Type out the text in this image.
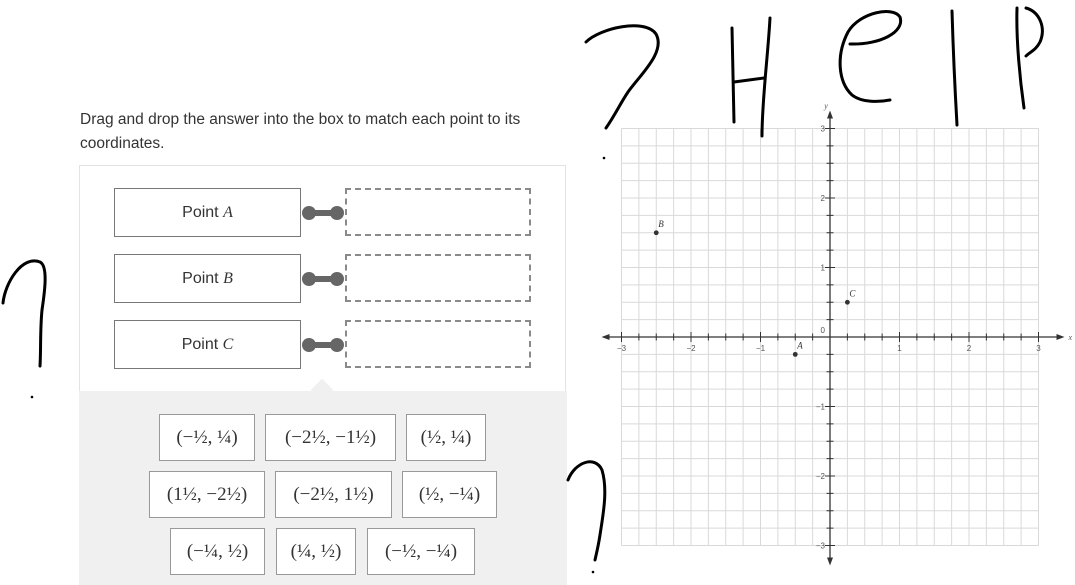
Drag and drop the answer into the box to match each point to its coordinates.
Point
A
Point
B
Point
C
(−½, ¼)	(−2½, −1½)	(½, ¼)
(1½, −2½)	(−2½, 1½)	(½, −¼)
(−¼, ½)	(¼, ½)	(−½, −¼)
−3	−2	−1	1	2	3
3
2
1
−1
−2
−3
0
x
y
A
B
C
